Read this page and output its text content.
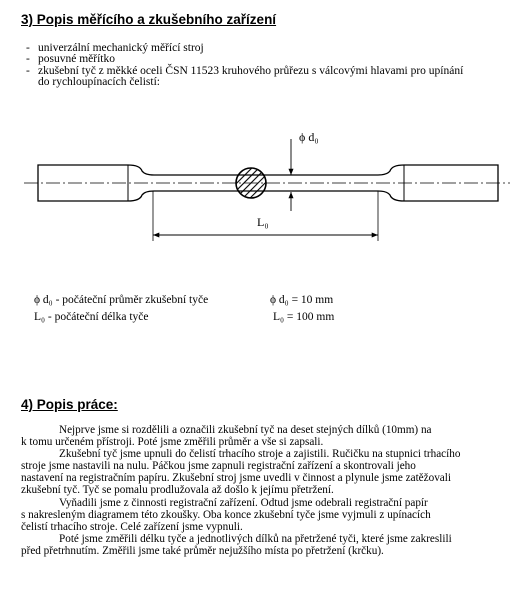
3) Popis měřícího a zkušebního zařízení
- univerzální mechanický měřící stroj
- posuvné měřítko
- zkušební tyč z měkké oceli ČSN 11523 kruhového průřezu s válcovými hlavami pro upínání
do rychloupínacích čelistí:
ϕ d₀
L₀
ϕ d₀ - počáteční průměr zkušební tyče	ϕ d₀ = 10 mm
L₀ - počáteční délka tyče	L₀ = 100 mm
4) Popis práce:
Nejprve jsme si rozdělili a označili zkušební tyč na deset stejných dílků (10mm) na
k tomu určeném přístroji. Poté jsme změřili průměr a vše si zapsali.
Zkušební tyč jsme upnuli do čelistí trhacího stroje a zajistili. Ručičku na stupnici trhacího
stroje jsme nastavili na nulu. Páčkou jsme zapnuli registrační zařízení a skontrovali jeho
nastavení na registračním papíru. Zkušební stroj jsme uvedli v činnost a plynule jsme zatěžovali
zkušební tyč. Tyč se pomalu prodlužovala až došlo k jejímu přetržení.
Vyňadili jsme z činnosti registrační zařízení. Odtud jsme odebrali registrační papír
s nakresleným diagramem této zkoušky. Oba konce zkušební tyče jsme vyjmuli z upínacích
čelistí trhacího stroje. Celé zařízení jsme vypnuli.
Poté jsme změřili délku tyče a jednotlivých dílků na přetržené tyči, které jsme zakreslili
před přetrhnutím. Změřili jsme také průměr nejužšího místa po přetržení (krčku).
